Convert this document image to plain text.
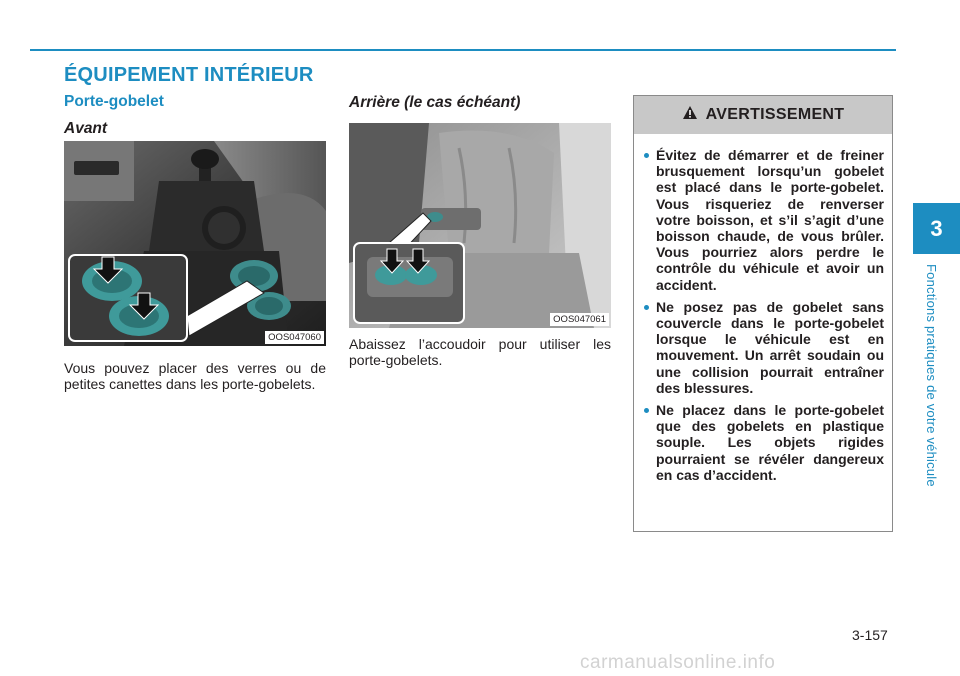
ÉQUIPEMENT INTÉRIEUR
Porte-gobelet
Avant
OOS047060

Vous pouvez placer des verres ou de petites canettes dans les porte-gobelets.

Arrière (le cas échéant)
OOS047061

Abaissez l’accoudoir pour utiliser les porte-gobelets.

AVERTISSEMENT
Évitez de démarrer et de freiner brusquement lorsqu’un gobelet est placé dans le porte-gobelet. Vous risqueriez de renverser votre boisson, et s’il s’agit d’une boisson chaude, de vous brûler. Vous pourriez alors perdre le contrôle du véhicule et avoir un accident.
Ne posez pas de gobelet sans couvercle dans le porte-gobelet lorsque le véhicule est en mouvement. Un arrêt soudain ou une collision pourrait entraîner des blessures.
Ne placez dans le porte-gobelet que des gobelets en plastique souple. Les objets rigides pourraient se révéler dangereux en cas d’accident.
3
Fonctions pratiques de votre véhicule
3-157
carmanualsonline.info
